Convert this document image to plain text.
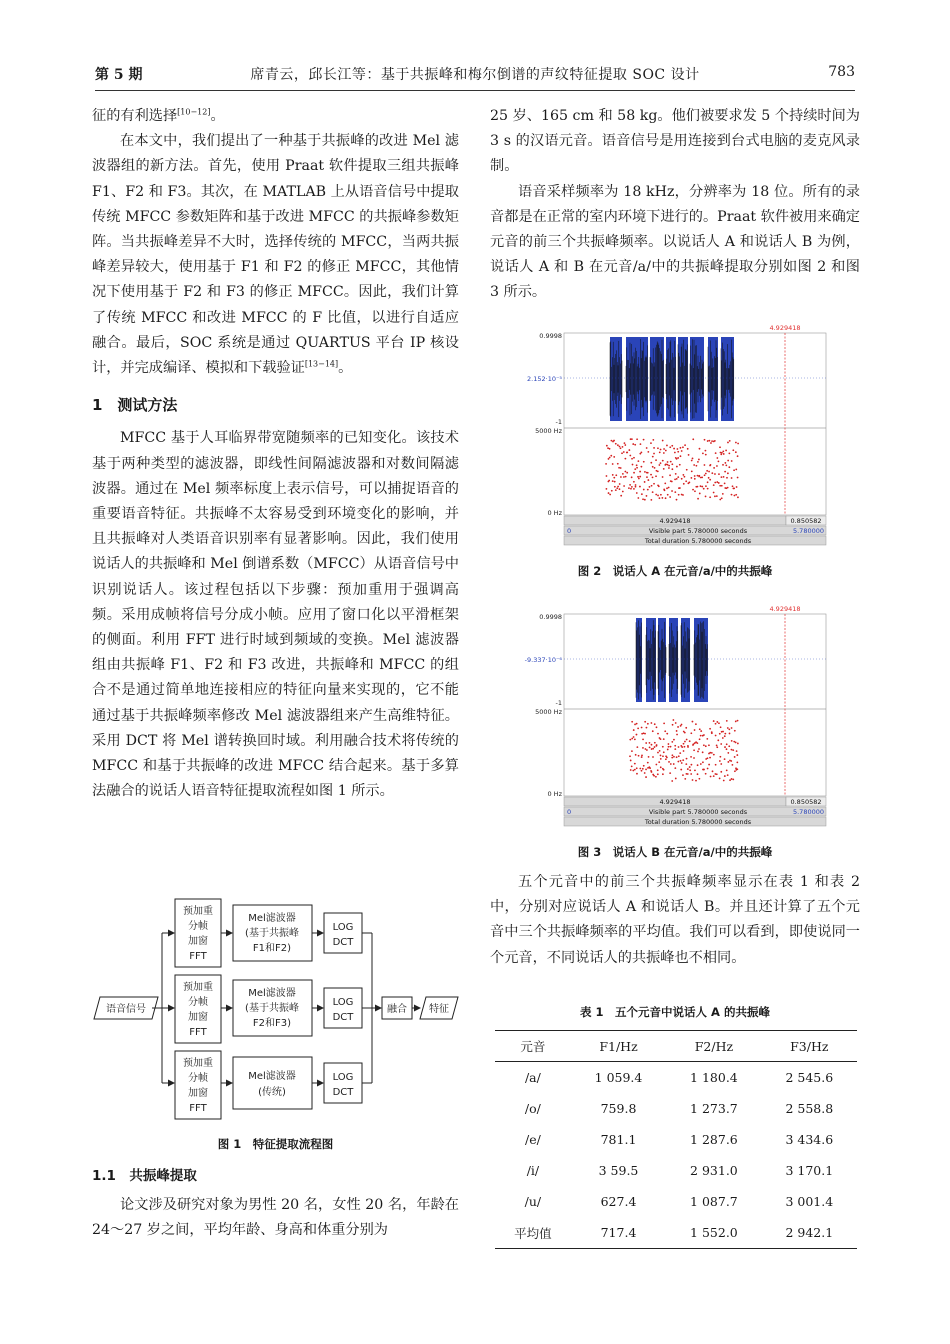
第 5 期	席青云，邱长江等：基于共振峰和梅尔倒谱的声纹特征提取 SOC 设计	783

征的有利选择[10−12]。

在本文中，我们提出了一种基于共振峰的改进 Mel 滤波器组的新方法。首先，使用 Praat 软件提取三组共振峰 F1、F2 和 F3。其次，在 MATLAB 上从语音信号中提取传统 MFCC 参数矩阵和基于改进 MFCC 的共振峰参数矩阵。当共振峰差异不大时，选择传统的 MFCC，当两共振峰差异较大，使用基于 F1 和 F2 的修正 MFCC，其他情况下使用基于 F2 和 F3 的修正 MFCC。因此，我们计算了传统 MFCC 和改进 MFCC 的 F 比值，以进行自适应融合。最后，SOC 系统是通过 QUARTUS 平台 IP 核设计，并完成编译、模拟和下载验证[13−14]。

1　测试方法

MFCC 基于人耳临界带宽随频率的已知变化。该技术基于两种类型的滤波器，即线性间隔滤波器和对数间隔滤波器。通过在 Mel 频率标度上表示信号，可以捕捉语音的重要语音特征。共振峰不太容易受到环境变化的影响，并且共振峰对人类语音识别率有显著影响。因此，我们使用说话人的共振峰和 Mel 倒谱系数（MFCC）从语音信号中识别说话人。该过程包括以下步骤：预加重用于强调高频。采用成帧将信号分成小帧。应用了窗口化以平滑框架的侧面。利用 FFT 进行时域到频域的变换。Mel 滤波器组由共振峰 F1、F2 和 F3 改进，共振峰和 MFCC 的组合不是通过简单地连接相应的特征向量来实现的，它不能通过基于共振峰频率修改 Mel 滤波器组来产生高维特征。采用 DCT 将 Mel 谱转换回时域。利用融合技术将传统的 MFCC 和基于共振峰的改进 MFCC 结合起来。基于多算法融合的说话人语音特征提取流程如图 1 所示。

语音信号
预加重
分帧
加窗
FFT
Mel滤波器
(基于共振峰
F1和F2)
LOG
DCT
预加重
分帧
加窗
FFT
Mel滤波器
(基于共振峰
F2和F3)
LOG
DCT
预加重
分帧
加窗
FFT
Mel滤波器
(传统)
LOG
DCT
融合 特征
图 1　特征提取流程图

1.1　共振峰提取

论文涉及研究对象为男性 20 名，女性 20 名，年龄在 24～27 岁之间，平均年龄、身高和体重分别为

25 岁、165 cm 和 58 kg。他们被要求发 5 个持续时间为 3 s 的汉语元音。语音信号是用连接到台式电脑的麦克风录制。

语音采样频率为 18 kHz，分辨率为 18 位。所有的录音都是在正常的室内环境下进行的。Praat 软件被用来确定元音的前三个共振峰频率。以说话人 A 和说话人 B 为例，说话人 A 和 B 在元音/a/中的共振峰提取分别如图 2 和图 3 所示。

4.929418
0.9998
2.152·10⁻⁵
-1
5000 Hz
0 Hz
4.929418	0.850582
0	Visible part 5.780000 seconds	5.780000
Total duration 5.780000 seconds
图 2　说话人 A 在元音/a/中的共振峰
4.929418
0.9998
-9.337·10⁻⁶
-1
5000 Hz
0 Hz
4.929418	0.850582
0	Visible part 5.780000 seconds	5.780000
Total duration 5.780000 seconds
图 3　说话人 B 在元音/a/中的共振峰

五个元音中的前三个共振峰频率显示在表 1 和表 2 中，分别对应说话人 A 和说话人 B。并且还计算了五个元音中三个共振峰频率的平均值。我们可以看到，即使说同一个元音，不同说话人的共振峰也不相同。

表 1　五个元音中说话人 A 的共振峰
元音	F1/Hz	F2/Hz	F3/Hz
/a/	1 059.4	1 180.4	2 545.6
/o/	759.8	1 273.7	2 558.8
/e/	781.1	1 287.6	3 434.6
/i/	3 59.5	2 931.0	3 170.1
/u/	627.4	1 087.7	3 001.4
平均值	717.4	1 552.0	2 942.1
